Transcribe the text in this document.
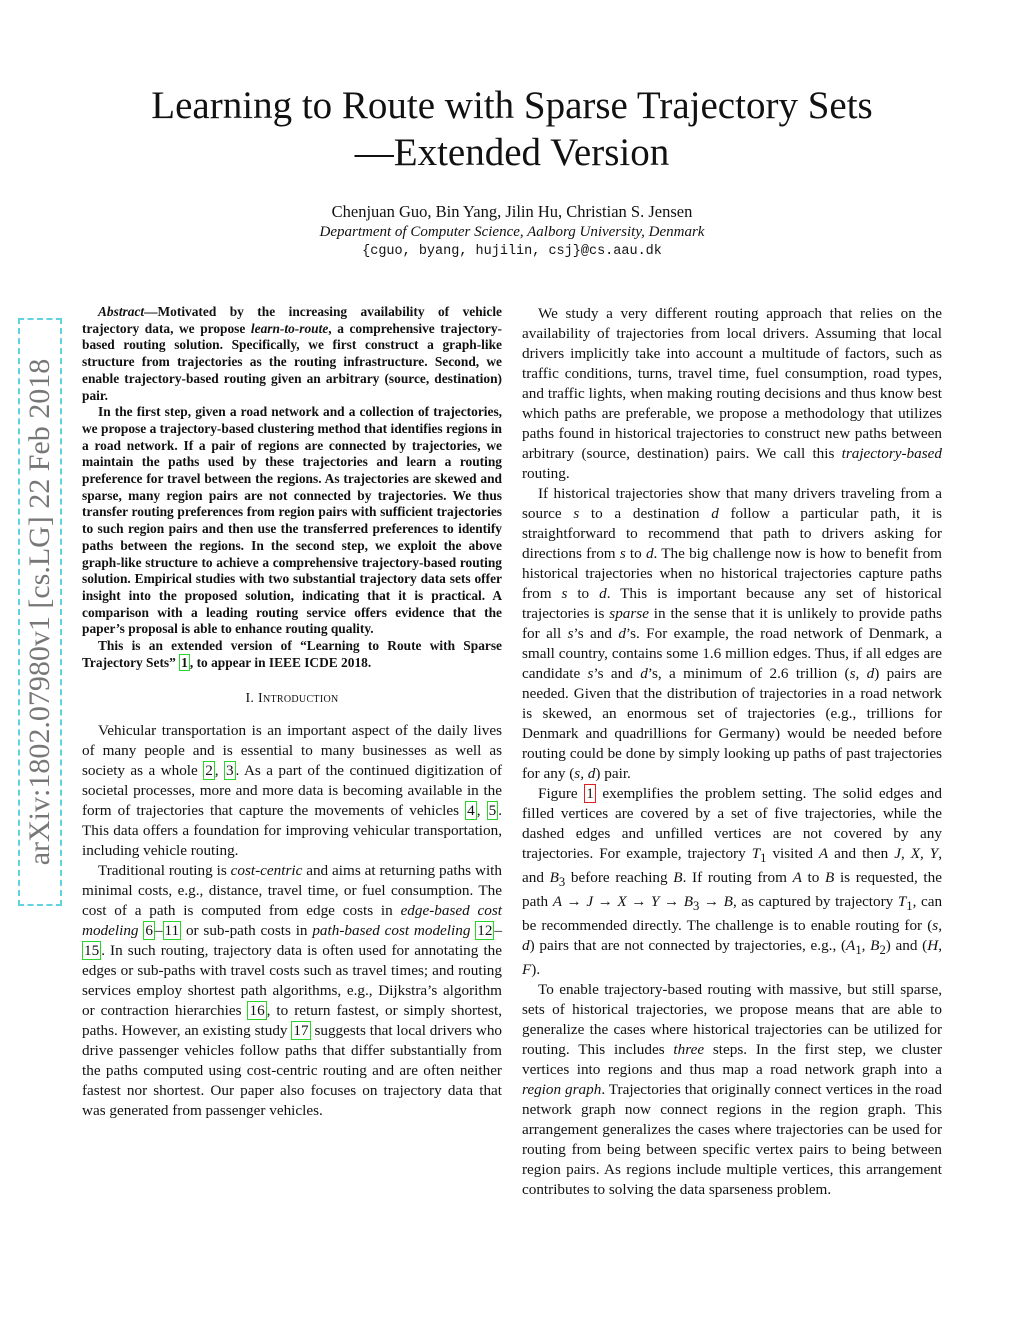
arXiv:1802.07980v1 [cs.LG] 22 Feb 2018
Learning to Route with Sparse Trajectory Sets
—Extended Version
Chenjuan Guo, Bin Yang, Jilin Hu, Christian S. Jensen
Department of Computer Science, Aalborg University, Denmark
{cguo, byang, hujilin, csj}@cs.aau.dk

Abstract—Motivated by the increasing availability of vehicle trajectory data, we propose learn-to-route, a comprehensive trajectory-based routing solution. Specifically, we first construct a graph-like structure from trajectories as the routing infrastructure. Second, we enable trajectory-based routing given an arbitrary (source, destination) pair.

In the first step, given a road network and a collection of trajectories, we propose a trajectory-based clustering method that identifies regions in a road network. If a pair of regions are connected by trajectories, we maintain the paths used by these trajectories and learn a routing preference for travel between the regions. As trajectories are skewed and sparse, many region pairs are not connected by trajectories. We thus transfer routing preferences from region pairs with sufficient trajectories to such region pairs and then use the transferred preferences to identify paths between the regions. In the second step, we exploit the above graph-like structure to achieve a comprehensive trajectory-based routing solution. Empirical studies with two substantial trajectory data sets offer insight into the proposed solution, indicating that it is practical. A comparison with a leading routing service offers evidence that the paper’s proposal is able to enhance routing quality.

This is an extended version of “Learning to Route with Sparse Trajectory Sets” 1 , to appear in IEEE ICDE 2018.

I. Introduction

Vehicular transportation is an important aspect of the daily lives of many people and is essential to many businesses as well as society as a whole 2 , 3 . As a part of the continued digitization of societal processes, more and more data is becoming available in the form of trajectories that capture the movements of vehicles 4 , 5 . This data offers a foundation for improving vehicular transportation, including vehicle routing.

Traditional routing is cost-centric and aims at returning paths with minimal costs, e.g., distance, travel time, or fuel consumption. The cost of a path is computed from edge costs in edge-based cost modeling 6 – 11 or sub-path costs in path-based cost modeling 12 –15 . In such routing, trajectory data is often used for annotating the edges or sub-paths with travel costs such as travel times; and routing services employ shortest path algorithms, e.g., Dijkstra’s algorithm or contraction hierarchies 16 , to return fastest, or simply shortest, paths. However, an existing study 17 suggests that local drivers who drive passenger vehicles follow paths that differ substantially from the paths computed using cost-centric routing and are often neither fastest nor shortest. Our paper also focuses on trajectory data that was generated from passenger vehicles.

We study a very different routing approach that relies on the availability of trajectories from local drivers. Assuming that local drivers implicitly take into account a multitude of factors, such as traffic conditions, turns, travel time, fuel consumption, road types, and traffic lights, when making routing decisions and thus know best which paths are preferable, we propose a methodology that utilizes paths found in historical trajectories to construct new paths between arbitrary (source, destination) pairs. We call this trajectory-based routing.

If historical trajectories show that many drivers traveling from a source s to a destination d follow a particular path, it is straightforward to recommend that path to drivers asking for directions from s to d. The big challenge now is how to benefit from historical trajectories when no historical trajectories capture paths from s to d. This is important because any set of historical trajectories is sparse in the sense that it is unlikely to provide paths for all s’s and d’s. For example, the road network of Denmark, a small country, contains some 1.6 million edges. Thus, if all edges are candidate s’s and d’s, a minimum of 2.6 trillion (s, d) pairs are needed. Given that the distribution of trajectories in a road network is skewed, an enormous set of trajectories (e.g., trillions for Denmark and quadrillions for Germany) would be needed before routing could be done by simply looking up paths of past trajectories for any (s, d) pair.

Figure 1 exemplifies the problem setting. The solid edges and filled vertices are covered by a set of five trajectories, while the dashed edges and unfilled vertices are not covered by any trajectories. For example, trajectory $T_1$ visited A and then J, X, Y, and $B_3$ before reaching B. If routing from A to B is requested, the path $A \to J \to X \to Y \to B_3 \to B$, as captured by trajectory $T_1$, can be recommended directly. The challenge is to enable routing for (s, d) pairs that are not connected by trajectories, e.g., ($A_1$, $B_2$) and (H, F).

To enable trajectory-based routing with massive, but still sparse, sets of historical trajectories, we propose means that are able to generalize the cases where historical trajectories can be utilized for routing. This includes three steps. In the first step, we cluster vertices into regions and thus map a road network graph into a region graph. Trajectories that originally connect vertices in the road network graph now connect regions in the region graph. This arrangement generalizes the cases where trajectories can be used for routing from being between specific vertex pairs to being between region pairs. As regions include multiple vertices, this arrangement contributes to solving the data sparseness problem.
